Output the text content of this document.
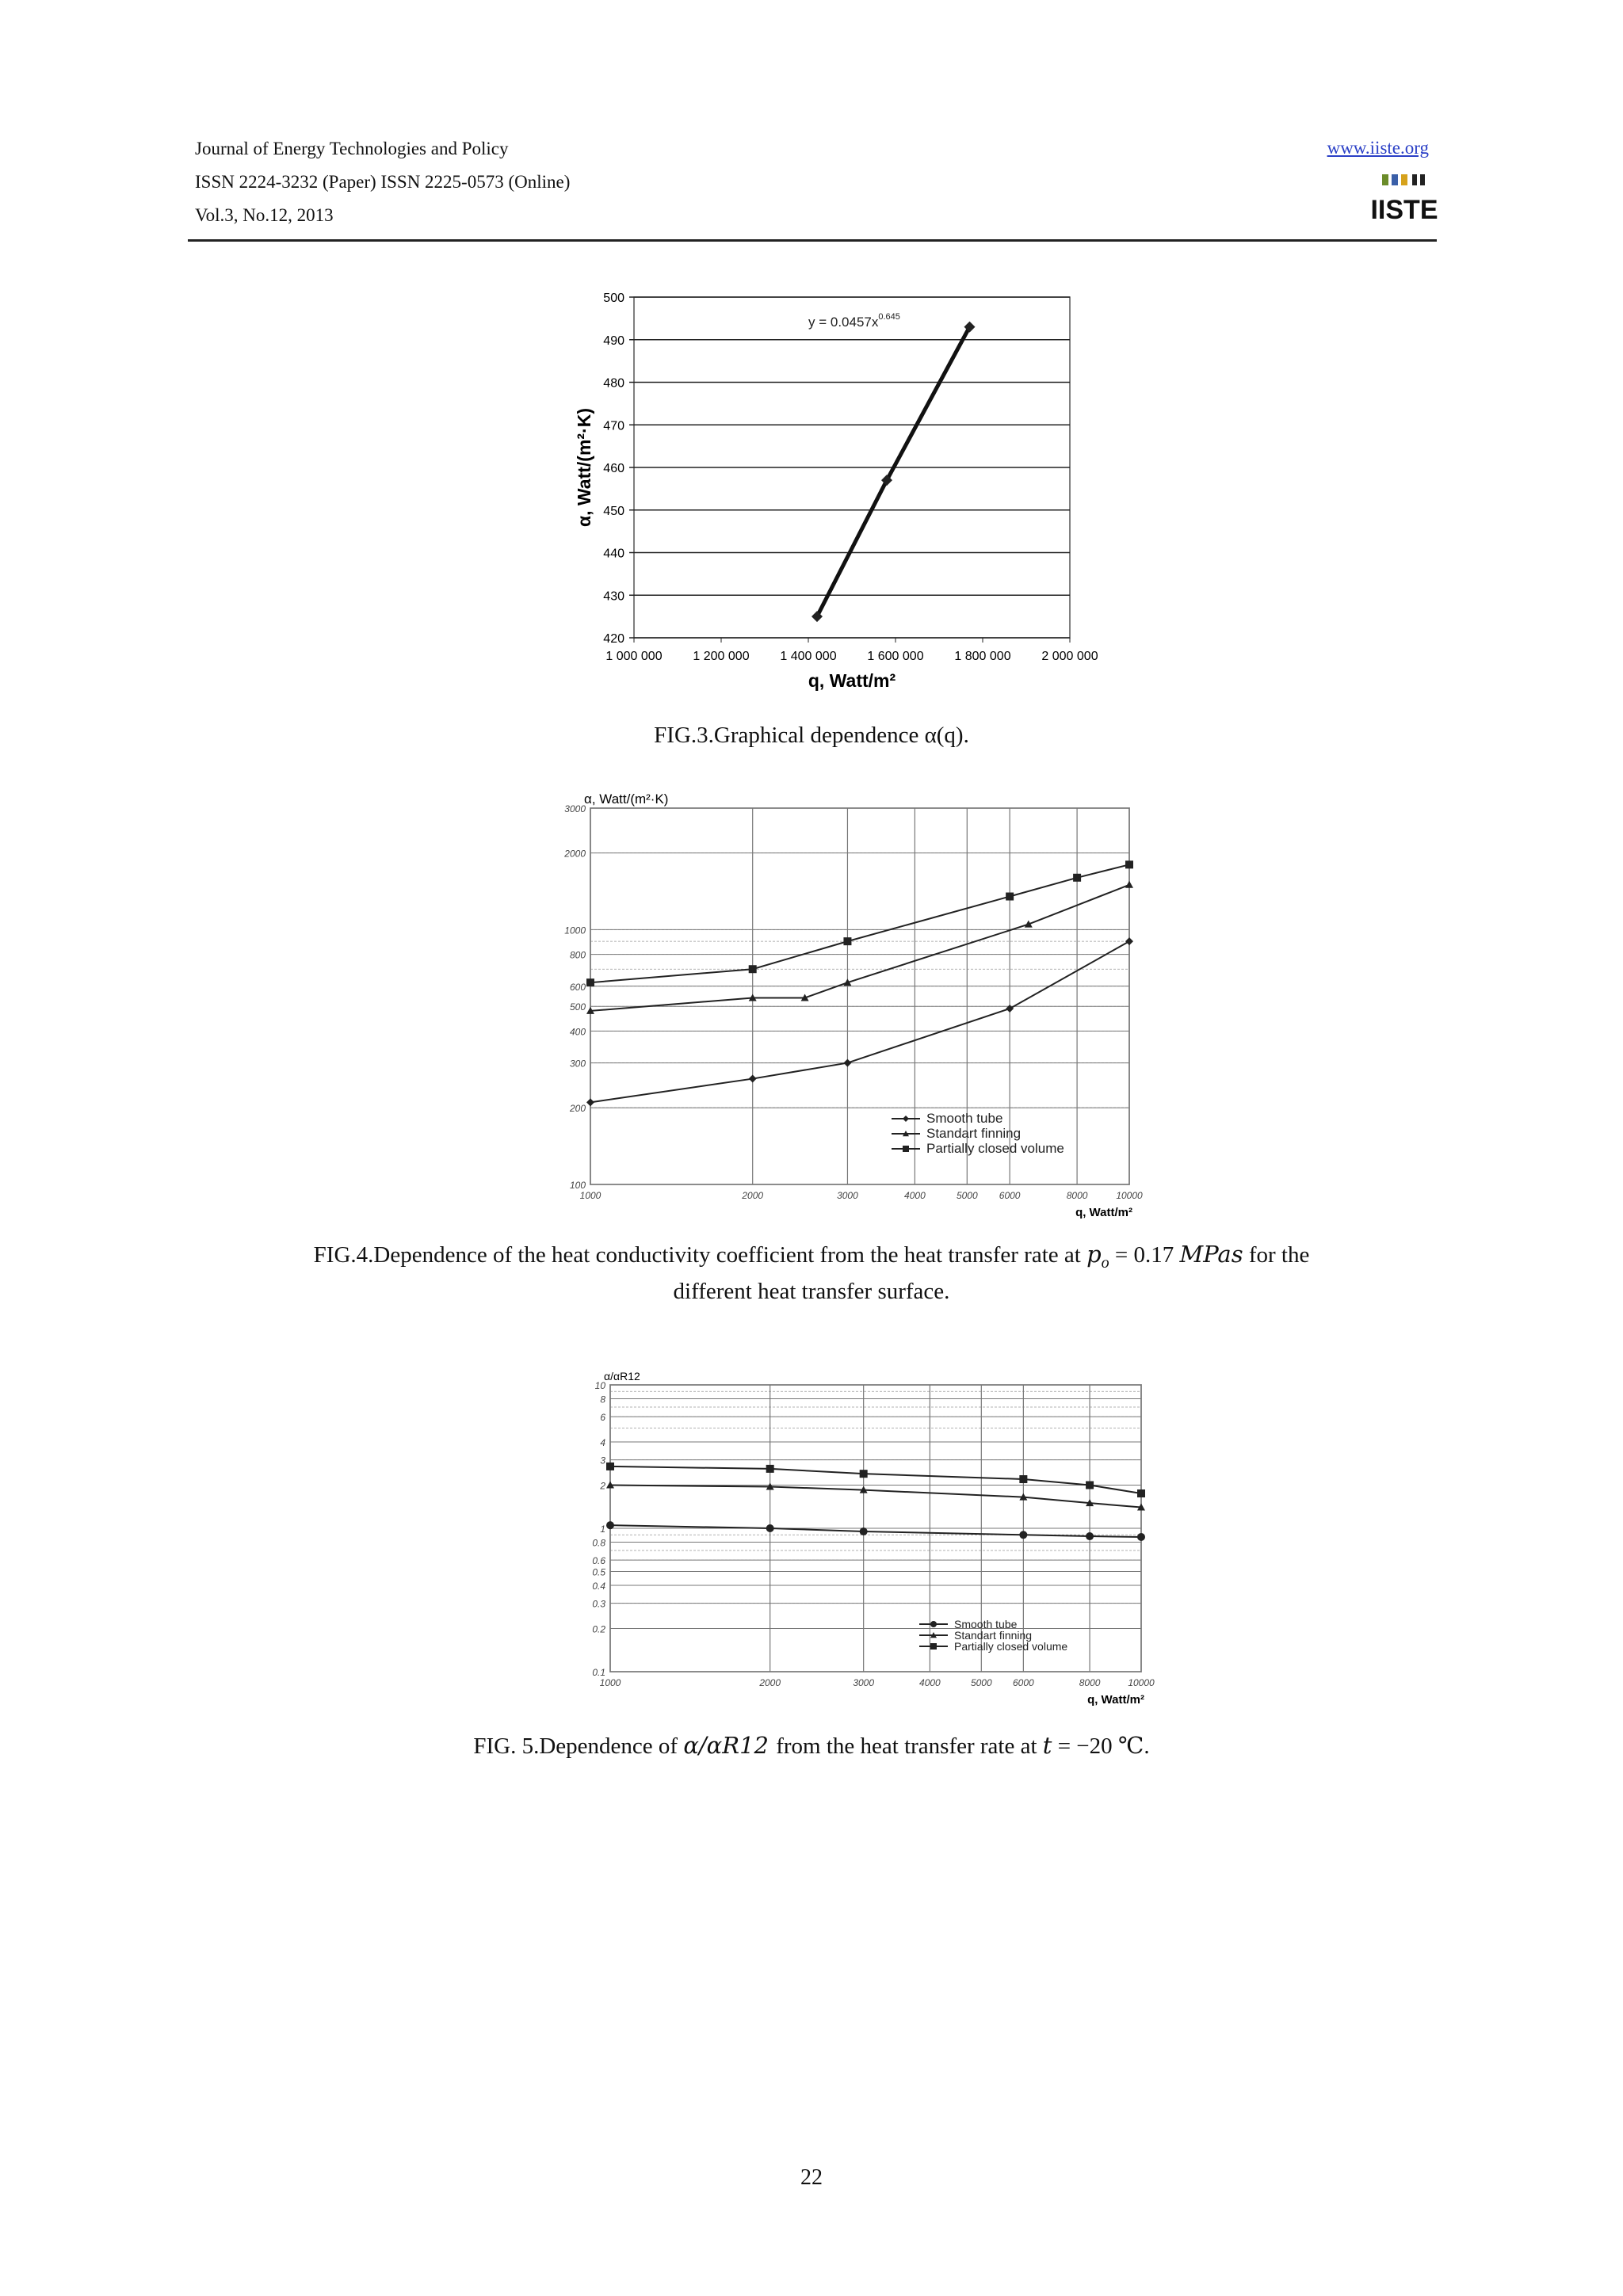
Journal of Energy Technologies and Policy
ISSN 2224-3232 (Paper) ISSN 2225-0573 (Online)
Vol.3, No.12, 2013
www.iiste.org
IISTE
420
430
440
450
460
470
480
490
500
1 000 000 1 200 000 1 400 000 1 600 000 1 800 000 2 000 000
$y = 0.0457x^{0.645}$
q, Watt/m²
α, Watt/(m²·K)
FIG.3.Graphical dependence α(q).
100
200
300
400
500
600
800
1000
2000
3000
1000	2000	3000	4000	5000 6000	8000	10000
Smooth tube
Standart finning
Partially closed volume
q, Watt/m²
α, Watt/(m²·K)
FIG.4.Dependence of the heat conductivity coefficient from the heat transfer rate at $p_o = 0.17$ MPas for the
different heat transfer surface.
0.1
0.2
0.3
0.4
0.5
0.6
0.8
1
2
3
4
6
8
10
1000	2000	3000	4000	5000 6000	8000	10000
Smooth tube
Standart finning
Partially closed volume
q, Watt/m²
α/αR12
FIG. 5.Dependence of α/αR12 from the heat transfer rate at t = −20 ℃.
22
